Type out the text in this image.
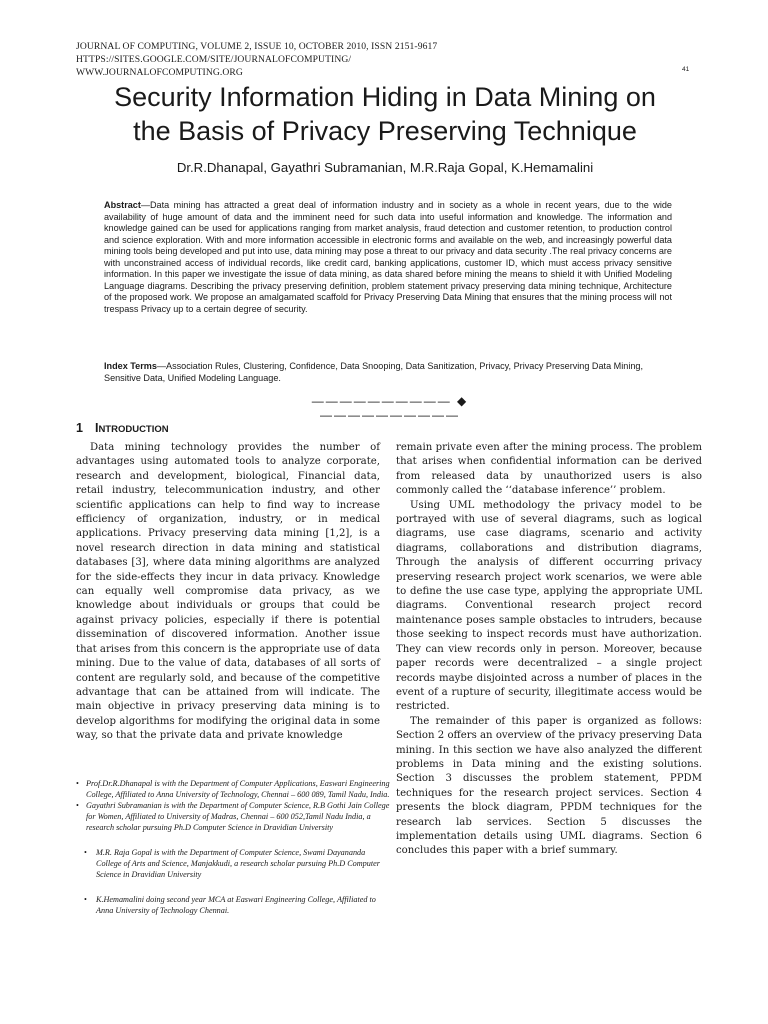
JOURNAL OF COMPUTING, VOLUME 2, ISSUE 10, OCTOBER 2010, ISSN 2151-9617
HTTPS://SITES.GOOGLE.COM/SITE/JOURNALOFCOMPUTING/
WWW.JOURNALOFCOMPUTING.ORG	41
Security Information Hiding in Data Mining on
the Basis of Privacy Preserving Technique
Dr.R.Dhanapal, Gayathri Subramanian, M.R.Raja Gopal, K.Hemamalini
Abstract—Data mining has attracted a great deal of information industry and in society as a whole in recent years, due to the wide availability of huge amount of data and the imminent need for such data into useful information and knowledge. The information and knowledge gained can be used for applications ranging from market analysis, fraud detection and customer retention, to production control and science exploration. With and more information accessible in electronic forms and available on the web, and increasingly powerful data mining tools being developed and put into use, data mining may pose a threat to our privacy and data security .The real privacy concerns are with unconstrained access of individual records, like credit card, banking applications, customer ID, which must access privacy sensitive information. In this paper we investigate the issue of data mining, as data shared before mining the means to shield it with Unified Modeling Language diagrams. Describing the privacy preserving definition, problem statement privacy preserving data mining technique, Architecture of the proposed work. We propose an amalgamated scaffold for Privacy Preserving Data Mining that ensures that the mining process will not trespass Privacy up to a certain degree of security.
Index Terms—Association Rules, Clustering, Confidence, Data Snooping, Data Sanitization, Privacy, Privacy Preserving Data Mining, Sensitive Data, Unified Modeling Language.
—————————— ◆ ——————————
1 INTRODUCTION

Data mining technology provides the number of advantages using automated tools to analyze corporate, research and development, biological, Financial data, retail industry, telecommunication industry, and other scientific applications can help to find way to increase efficiency of organization, industry, or in medical applications. Privacy preserving data mining [1,2], is a novel research direction in data mining and statistical databases [3], where data mining algorithms are analyzed for the side-effects they incur in data privacy. Knowledge can equally well compromise data privacy, as we knowledge about individuals or groups that could be against privacy policies, especially if there is potential dissemination of discovered information. Another issue that arises from this concern is the appropriate use of data mining. Due to the value of data, databases of all sorts of content are regularly sold, and because of the competitive advantage that can be attained from will indicate. The main objective in privacy preserving data mining is to develop algorithms for modifying the original data in some way, so that the private data and private knowledge

remain private even after the mining process. The problem that arises when confidential information can be derived from released data by unauthorized users is also commonly called the ‘‘database inference’’ problem.

Using UML methodology the privacy model to be portrayed with use of several diagrams, such as logical diagrams, use case diagrams, scenario and activity diagrams, collaborations and distribution diagrams, Through the analysis of different occurring privacy preserving research project work scenarios, we were able to define the use case type, applying the appropriate UML diagrams. Conventional research project record maintenance poses sample obstacles to intruders, because those seeking to inspect records must have authorization. They can view records only in person. Moreover, because paper records were decentralized – a single project records maybe disjointed across a number of places in the event of a rupture of security, illegitimate access would be restricted.

The remainder of this paper is organized as follows: Section 2 offers an overview of the privacy preserving Data mining. In this section we have also analyzed the different problems in Data mining and the existing solutions. Section 3 discusses the problem statement, PPDM techniques for the research project services. Section 4 presents the block diagram, PPDM techniques for the research lab services. Section 5 discusses the implementation details using UML diagrams. Section 6 concludes this paper with a brief summary.

• Prof.Dr.R.Dhanapal is with the Department of Computer Applications, Easwari Engineering College, Affiliated to Anna University of Technology, Chennai – 600 089, Tamil Nadu, India.
• Gayathri Subramanian is with the Department of Computer Science, R.B Gothi Jain College for Women, Affiliated to University of Madras, Chennai – 600 052,Tamil Nadu India, a research scholar pursuing Ph.D Computer Science in Dravidian University
• M.R. Raja Gopal is with the Department of Computer Science, Swami Dayananda College of Arts and Science, Manjakkudi, a research scholar pursuing Ph.D Computer Science in Dravidian University
• K.Hemamalini doing second year MCA at Easwari Engineering College, Affiliated to Anna University of Technology Chennai.
